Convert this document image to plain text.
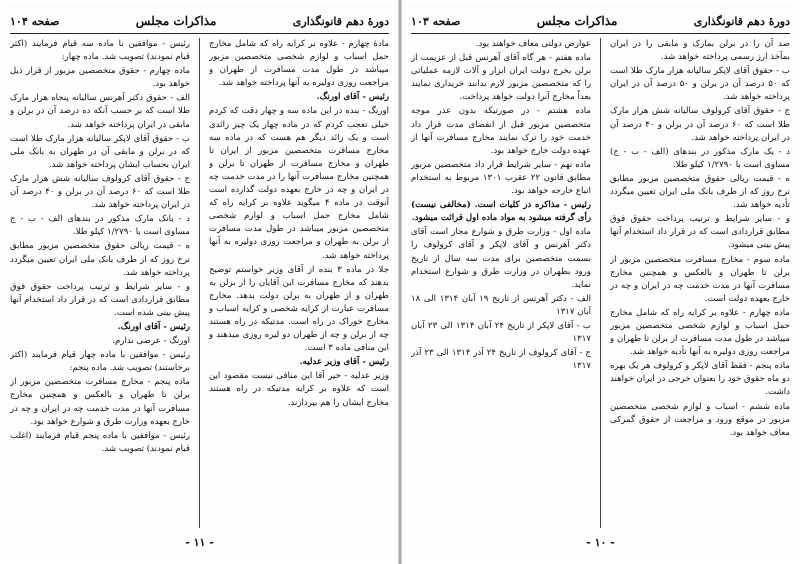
دورهٔ دهم قانونگذاری
مذاکرات مجلس
صفحه ۱۰۴

مادهٔ چهارم - علاوه بر کرایه راه که شامل مخارج حمل اسباب و لوازم شخصی متخصصین مزبور میباشد در طول مدت مسافرت از طهران و مراجعت روزی دولیره به آنها پرداخته خواهد شد.

رئیس - آقای اورنگ.

اورنگ - بنده در این ماده سه و چهار دقت که کردم خیلی تعجب کردم که در ماده چهار یک چیز زائدی است و یک زائد دیگر هم هست که در ماده سه مخارج مسافرت متخصصین مزبور از ایران تا طهران و مخارج مسافرت از طهران تا برلن و همچنین مخارج مسافرت آنها را در مدت خدمت چه در ایران و چه در خارج بعهده دولت گذارده است آنوقت در ماده ۴ میگوید علاوه بر کرایه راه که شامل مخارج حمل اسباب و لوازم شخصی متخصصین مزبور میباشد در طول مدت مسافرت از برلن به طهران و مراجعت روزی دولیره به آنها پرداخته خواهد شد.

جلا در ماده ۳ بنده از آقای وزیر خواستم توضیح بدهند که مخارج مسافرت این آقایان را از برلن به طهران و از طهران به برلن دولت بدهد. مخارج مسافرت عبارت از کرایه شخصی و کرایه اسباب و مخارج خوراک در راه است. مدتیکه در راه هستند چه از برلن و چه از طهران دو لیره روزی میدهند و این منافی ماده ۳ است.

رئیس - آقای وزیر عدلیه.

وزیر عدلیه - خیر آقا این منافی نیست مقصود این است که علاوه بر کرایه مدتیکه در راه هستند مخارج ایشان را هم بپردازند.

رئیس - موافقین با ماده سه قیام فرمایند (اکثر قیام نمودند) تصویب شد. ماده چهار:

ماده چهارم - حقوق متخصصین مزبور از قرار ذیل خواهد بود.

الف - حقوق دکتر آهرنس سالیانه پنجاه هزار مارک طلا است که بر حسب آنکه ده درصد آن در برلن و مابقی در ایران پرداخته خواهد شد.

ب - حقوق آقای لاپکر سالیانه هزار مارک طلا است که در برلن و مابقی آن در طهران به بانک ملی ایران بحساب ایشان پرداخته خواهد شد.

ج - حقوق آقای کرولوف سالیانه شش هزار مارک طلا است که ۶۰ درصد آن در برلن و ۴۰ درصد آن در ایران پرداخته خواهد شد.

د - بانک مارک مذکور در بندهای الف - ب - ج مساوی است با ۱/۲۷۹۰ کیلو طلا.

ه - قیمت ریالی حقوق متخصصین مزبور مطابق نرخ روز که از طرف بانک ملی ایران تعیین میگردد پرداخته خواهد شد.

و - سایر شرایط و ترتیب پرداخت حقوق فوق مطابق قراردادی است که در قرار داد استخدام آنها پیش بینی شده است.

رئیس - آقای اورنگ.

اورنگ - عرضی ندارم.

رئیس - موافقین با ماده چهار قیام فرمایند (اکثر برخاستند) تصویب شد. ماده پنجم:

ماده پنجم - مخارج مسافرت متخصصین مزبور از برلن تا طهران و بالعکس و همچنین مخارج مسافرت آنها در مدت خدمت چه در ایران و چه در خارج بعهده وزارت طرق و شوارع خواهد بود.

رئیس - موافقین با ماده پنجم قیام فرمایند (اغلب قیام نمودند) تصویب شد.

- ۱۱ -
دورهٔ دهم قانونگذاری
مذاکرات مجلس
صفحه ۱۰۳

صد آن را در برلن بمارک و مابقی را در ایران بمآخذ ارز رسمی پرداخته خواهد شد.

ب - حقوق آقای لاپکر سالیانه هزار مارک طلا است که ۵۰ درصد آن در برلن و ۵۰ درصد آن در ایران پرداخته خواهد شد.

ج - حقوق آقای کرولوف سالیانه شش هزار مارک طلا است که ۶۰ درصد آن در برلن و ۴۰ درصد آن در ایران پرداخته خواهد شد.

د - یک مارک مذکور در بندهای (الف - ب - ج) مساوی است با ۱/۲۷۹۰ کیلو طلا.

ه - قیمت ریالی حقوق متخصصین مزبور مطابق نرخ روز که از طرف بانک ملی ایران تعیین میگردد تأدیه خواهد شد.

و - سایر شرایط و ترتیب پرداخت حقوق فوق مطابق قراردادی است که در قرار داد استخدام آنها پیش بینی میشود.

ماده سوم - مخارج مسافرت متخصصین مزبور از برلن تا طهران و بالعکس و همچنین مخارج مسافرت آنها در مدت خدمت چه در ایران و چه در خارج بعهده دولت است.

ماده چهارم - علاوه بر کرایه راه که شامل مخارج حمل اسباب و لوازم شخصی متخصصین مزبور میباشد در طول مدت مسافرت از برلن تا طهران و مراجعت روزی دولیره به آنها تأدیه خواهد شد.

ماده پنجم - فقط آقای لاپکر و کرولوف هر یک بهره دو ماه حقوق خود را بعنوان خرجی در ایران خواهند داشت.

ماده ششم - اسباب و لوازم شخصی متخصصین مزبور در موقع ورود و مراجعت از حقوق گمرکی معاف خواهد بود.

عوارض دولتی معاف خواهند بود.

ماده هفتم - هر گاه آقای آهرنس قبل از عزیمت از برلن بخرج دولت ایران ابزار و آلات لازمه عملیاتی را که متخصصین مزبور لازم بدانند خریداری نمایند بعداً مخارج آنرا دولت خواهد پرداخت.

ماده هشتم - در صورتیکه بدون عذر موجه متخصصین مزبور قبل از انقضای مدت قرار داد خدمت خود را ترک نمایند مخارج مسافرت آنها از عهده دولت خارج خواهد بود.

ماده نهم - سایر شرایط قرار داد متخصصین مزبور مطابق قانون ۲۲ عقرب ۱۳۰۱ مربوط به استخدام اتباع خارجه خواهد بود.

رئیس - مذاکره در کلیات است. (مخالفی نیست) رأی گرفته میشود به مواد ماده اول قرائت میشود.

ماده اول - وزارت طرق و شوارع مجاز است آقای دکتر آهرنس و آقای لاپکر و آقای کرولوف را بسمت متخصصین برای مدت سه سال از تاریخ ورود بطهران در وزارت طرق و شوارع استخدام نماید.

الف - دکتر آهرنس از تاریخ ۱۹ آبان ۱۳۱۴ الی ۱۸ آبان ۱۳۱۷

ب - آقای لاپکر از تاریخ ۲۴ آبان ۱۳۱۴ الی ۲۳ آبان ۱۳۱۷

ج - آقای کرولوف از تاریخ ۲۴ آذر ۱۳۱۴ الی ۲۳ آذر ۱۳۱۷

- ۱۰ -
